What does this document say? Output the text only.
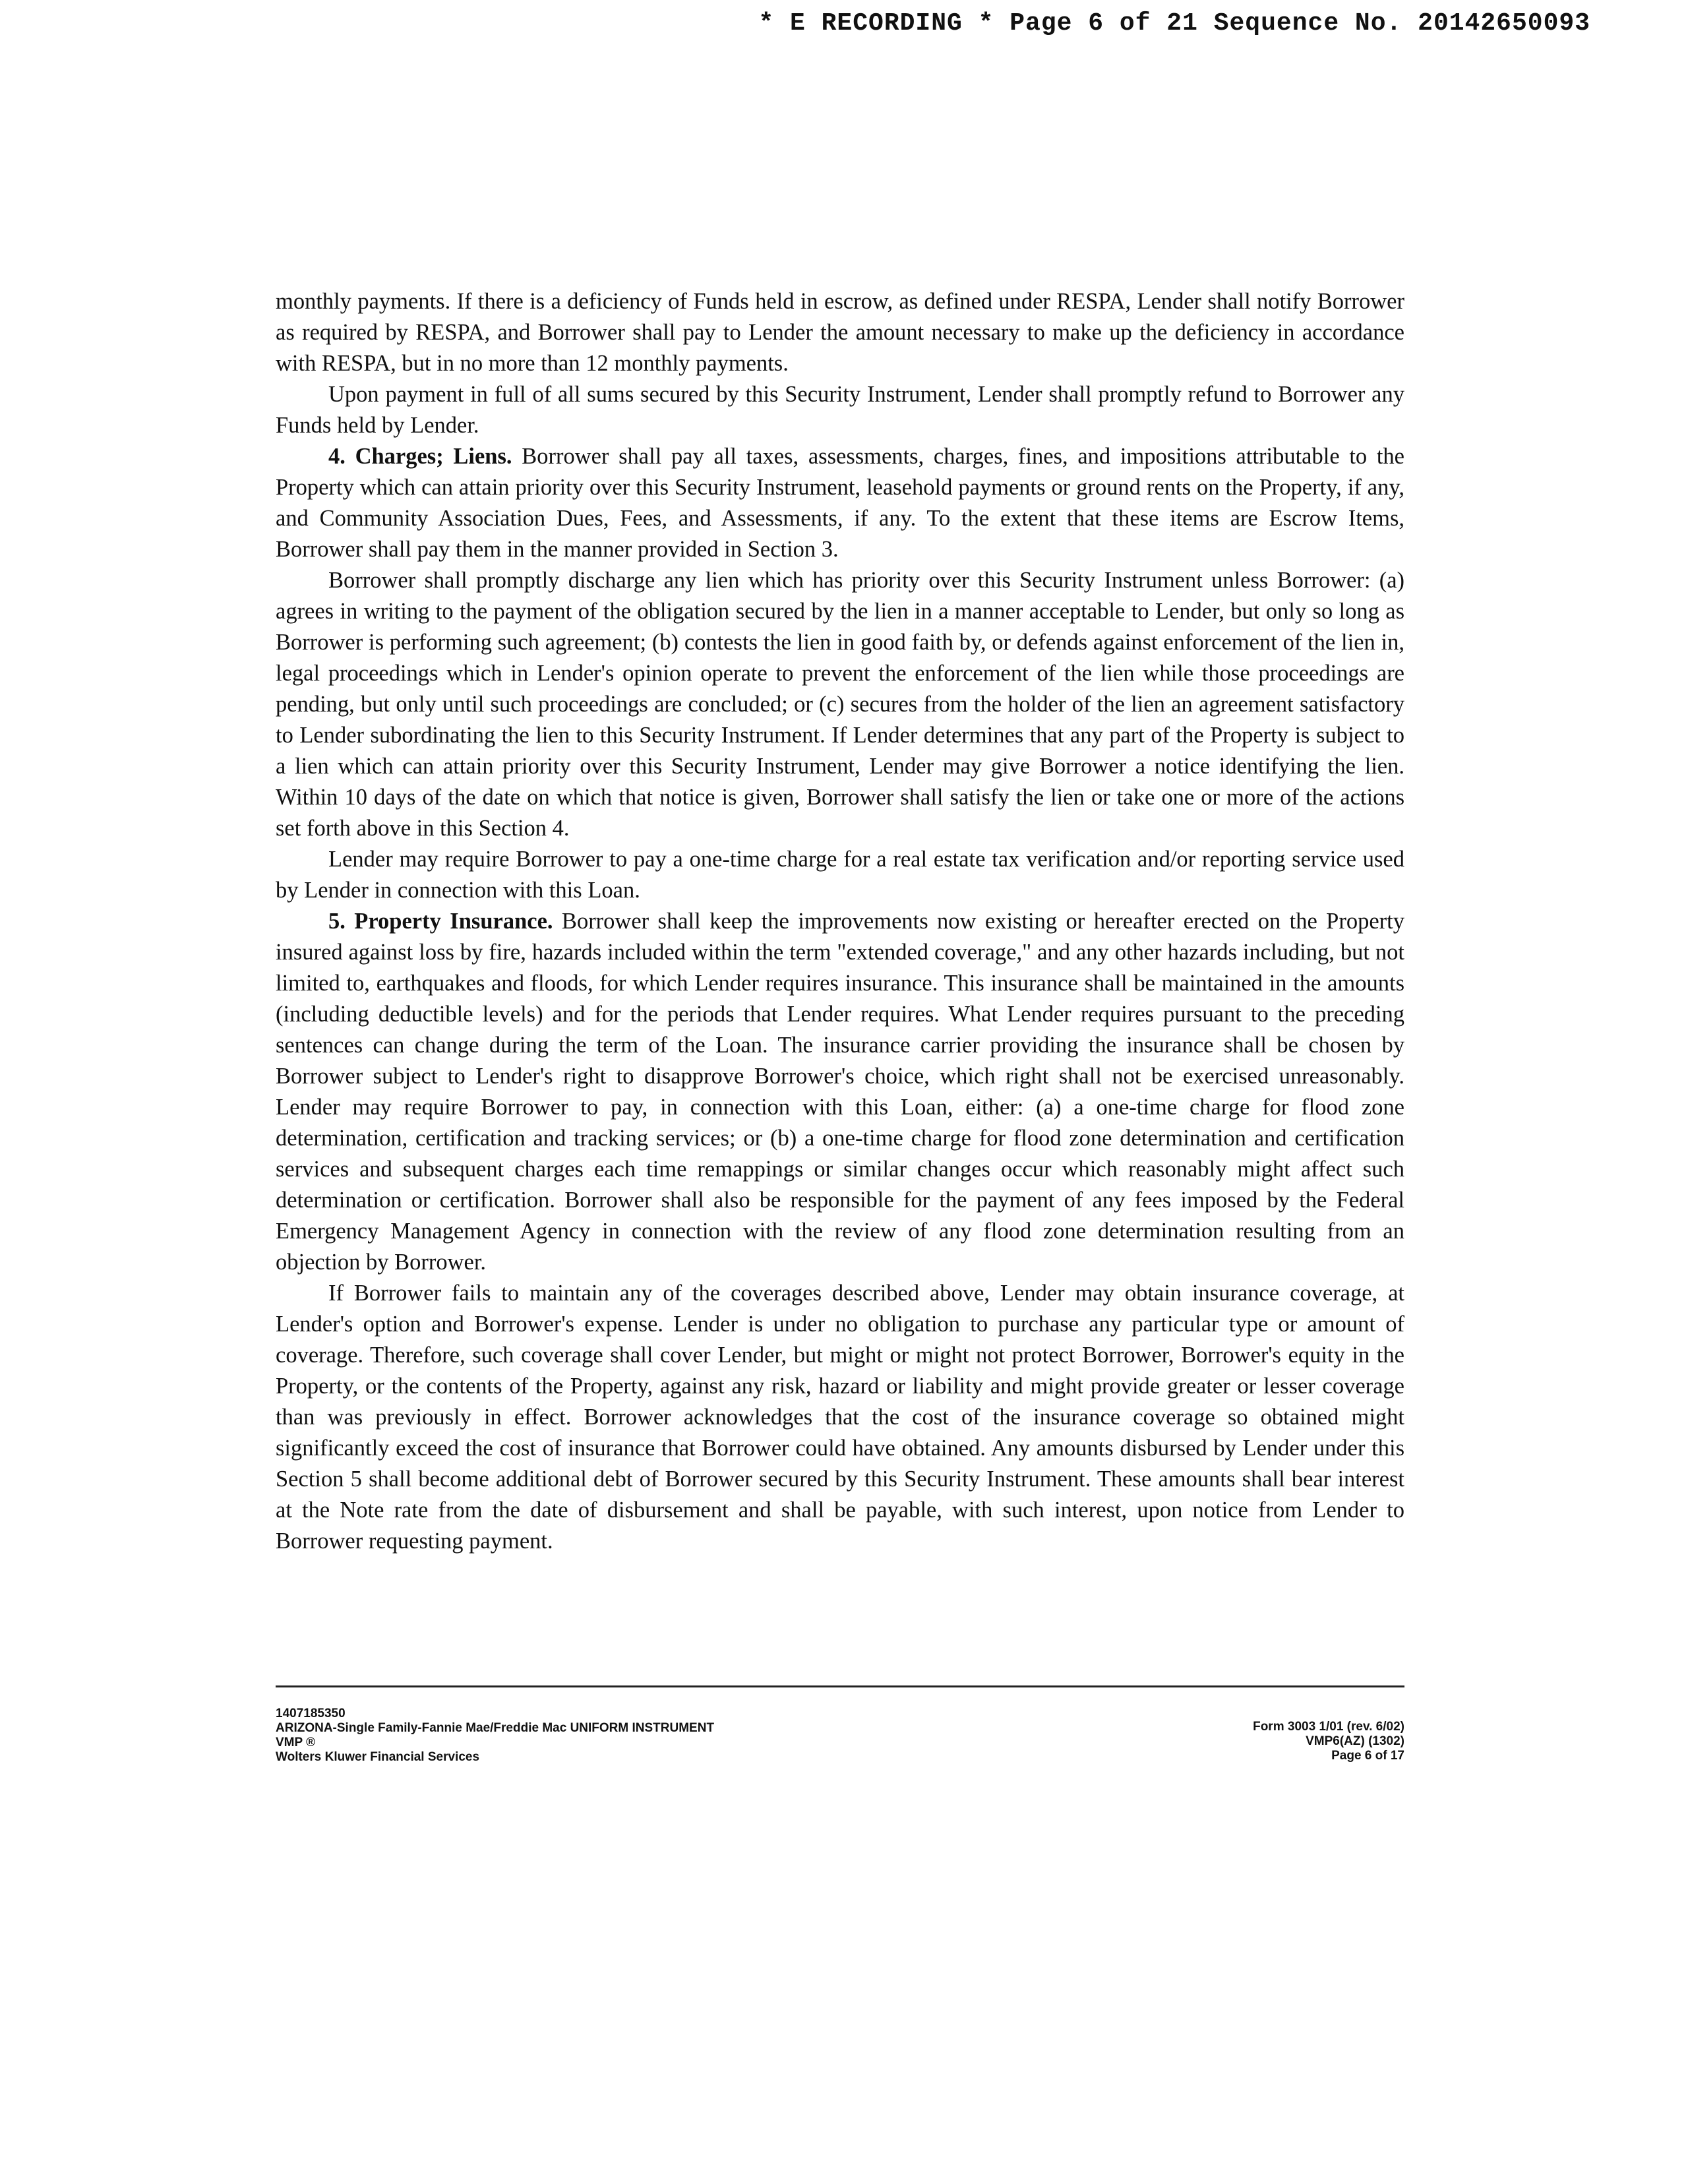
* E RECORDING * Page 6 of 21 Sequence No. 20142650093

monthly payments. If there is a deficiency of Funds held in escrow, as defined under RESPA, Lender shall notify Borrower as required by RESPA, and Borrower shall pay to Lender the amount necessary to make up the deficiency in accordance with RESPA, but in no more than 12 monthly payments.

Upon payment in full of all sums secured by this Security Instrument, Lender shall promptly refund to Borrower any Funds held by Lender.

4. Charges; Liens. Borrower shall pay all taxes, assessments, charges, fines, and impositions attributable to the Property which can attain priority over this Security Instrument, leasehold payments or ground rents on the Property, if any, and Community Association Dues, Fees, and Assessments, if any. To the extent that these items are Escrow Items, Borrower shall pay them in the manner provided in Section 3.

Borrower shall promptly discharge any lien which has priority over this Security Instrument unless Borrower: (a) agrees in writing to the payment of the obligation secured by the lien in a manner acceptable to Lender, but only so long as Borrower is performing such agreement; (b) contests the lien in good faith by, or defends against enforcement of the lien in, legal proceedings which in Lender's opinion operate to prevent the enforcement of the lien while those proceedings are pending, but only until such proceedings are concluded; or (c) secures from the holder of the lien an agreement satisfactory to Lender subordinating the lien to this Security Instrument. If Lender determines that any part of the Property is subject to a lien which can attain priority over this Security Instrument, Lender may give Borrower a notice identifying the lien. Within 10 days of the date on which that notice is given, Borrower shall satisfy the lien or take one or more of the actions set forth above in this Section 4.

Lender may require Borrower to pay a one-time charge for a real estate tax verification and/or reporting service used by Lender in connection with this Loan.

5. Property Insurance. Borrower shall keep the improvements now existing or hereafter erected on the Property insured against loss by fire, hazards included within the term "extended coverage," and any other hazards including, but not limited to, earthquakes and floods, for which Lender requires insurance. This insurance shall be maintained in the amounts (including deductible levels) and for the periods that Lender requires. What Lender requires pursuant to the preceding sentences can change during the term of the Loan. The insurance carrier providing the insurance shall be chosen by Borrower subject to Lender's right to disapprove Borrower's choice, which right shall not be exercised unreasonably. Lender may require Borrower to pay, in connection with this Loan, either: (a) a one-time charge for flood zone determination, certification and tracking services; or (b) a one-time charge for flood zone determination and certification services and subsequent charges each time remappings or similar changes occur which reasonably might affect such determination or certification. Borrower shall also be responsible for the payment of any fees imposed by the Federal Emergency Management Agency in connection with the review of any flood zone determination resulting from an objection by Borrower.

If Borrower fails to maintain any of the coverages described above, Lender may obtain insurance coverage, at Lender's option and Borrower's expense. Lender is under no obligation to purchase any particular type or amount of coverage. Therefore, such coverage shall cover Lender, but might or might not protect Borrower, Borrower's equity in the Property, or the contents of the Property, against any risk, hazard or liability and might provide greater or lesser coverage than was previously in effect. Borrower acknowledges that the cost of the insurance coverage so obtained might significantly exceed the cost of insurance that Borrower could have obtained. Any amounts disbursed by Lender under this Section 5 shall become additional debt of Borrower secured by this Security Instrument. These amounts shall bear interest at the Note rate from the date of disbursement and shall be payable, with such interest, upon notice from Lender to Borrower requesting payment.

1407185350
ARIZONA-Single Family-Fannie Mae/Freddie Mac UNIFORM INSTRUMENT
VMP ®
Wolters Kluwer Financial Services
Form 3003 1/01 (rev. 6/02)
VMP6(AZ) (1302)
Page 6 of 17
